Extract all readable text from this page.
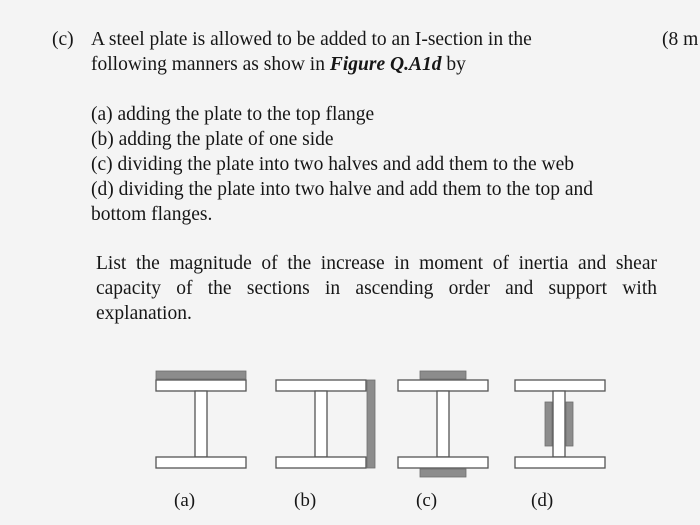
(c) A steel plate is allowed to be added to an I-section in the	(8 m
following manners as show in Figure Q.A1d by
(a) adding the plate to the top flange
(b) adding the plate of one side
(c) dividing the plate into two halves and add them to the web
(d) dividing the plate into two halve and add them to the top and
bottom flanges.
List the magnitude of the increase in moment of inertia and shear
capacity of the sections in ascending order and support with
explanation.
(a)	(b)	(c)	(d)
